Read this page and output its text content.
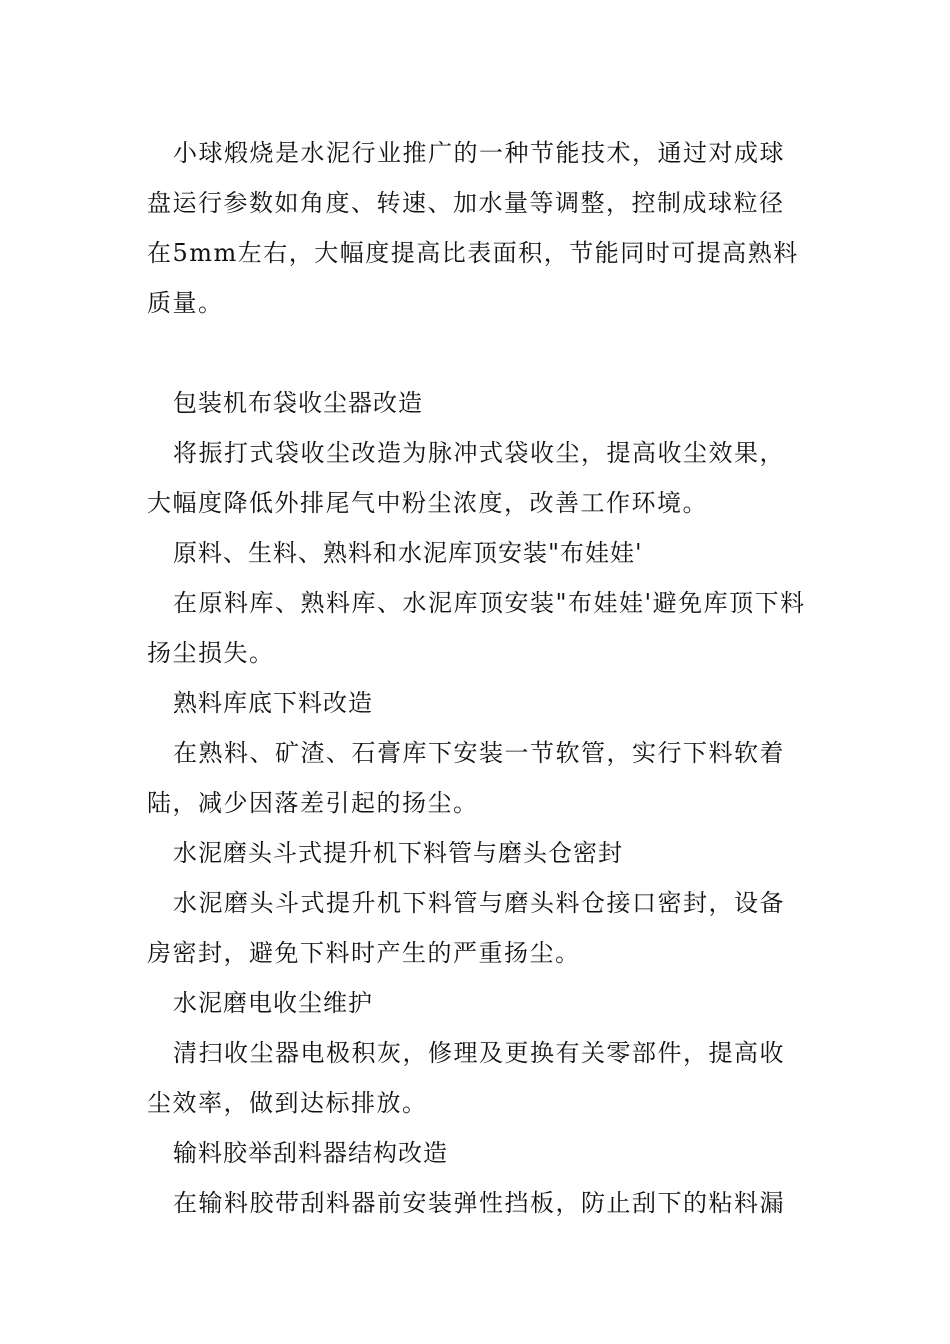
小球煅烧是水泥行业推广的一种节能技术，通过对成球盘运行参数如角度、转速、加水量等调整，控制成球粒径在5mm左右，大幅度提高比表面积，节能同时可提高熟料质量。

包装机布袋收尘器改造

将振打式袋收尘改造为脉冲式袋收尘，提高收尘效果，大幅度降低外排尾气中粉尘浓度，改善工作环境。

原料、生料、熟料和水泥库顶安装"布娃娃'

在原料库、熟料库、水泥库顶安装"布娃娃'避免库顶下料扬尘损失。

熟料库底下料改造

在熟料、矿渣、石膏库下安装一节软管，实行下料软着陆，减少因落差引起的扬尘。

水泥磨头斗式提升机下料管与磨头仓密封

水泥磨头斗式提升机下料管与磨头料仓接口密封，设备房密封，避免下料时产生的严重扬尘。

水泥磨电收尘维护

清扫收尘器电极积灰，修理及更换有关零部件，提高收尘效率，做到达标排放。

输料胶举刮料器结构改造

在输料胶带刮料器前安装弹性挡板，防止刮下的粘料漏
